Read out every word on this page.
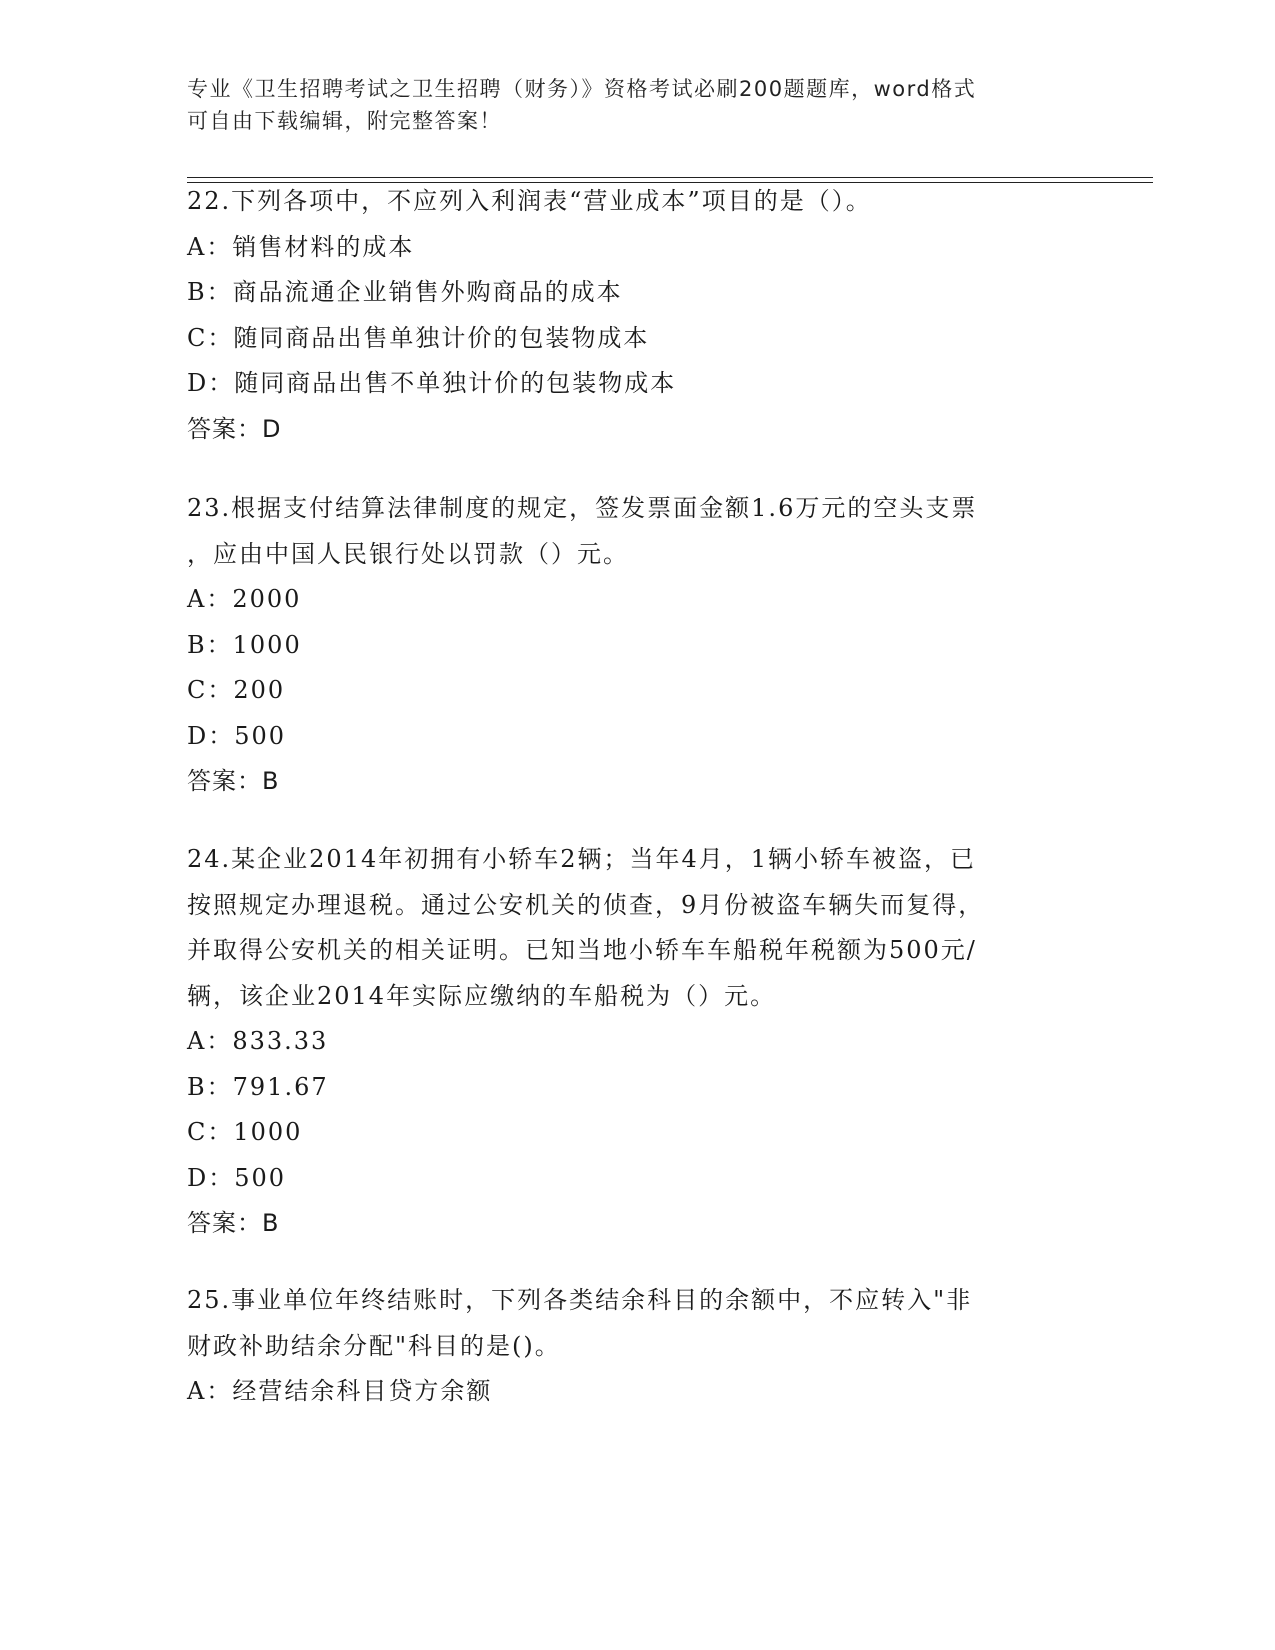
专业《卫生招聘考试之卫生招聘（财务）》资格考试必刷200题题库，word格式
可自由下载编辑，附完整答案！

22.下列各项中，不应列入利润表“营业成本”项目的是（）。

A：销售材料的成本

B：商品流通企业销售外购商品的成本

C：随同商品出售单独计价的包装物成本

D：随同商品出售不单独计价的包装物成本

答案：D

23.根据支付结算法律制度的规定，签发票面金额1.6万元的空头支票

，应由中国人民银行处以罚款（）元。

A：2000

B：1000

C：200

D：500

答案：B

24.某企业2014年初拥有小轿车2辆；当年4月，1辆小轿车被盗，已

按照规定办理退税。通过公安机关的侦查，9月份被盗车辆失而复得，

并取得公安机关的相关证明。已知当地小轿车车船税年税额为500元/

辆，该企业2014年实际应缴纳的车船税为（）元。

A：833.33

B：791.67

C：1000

D：500

答案：B

25.事业单位年终结账时，下列各类结余科目的余额中，不应转入"非

财政补助结余分配"科目的是()。

A：经营结余科目贷方余额
